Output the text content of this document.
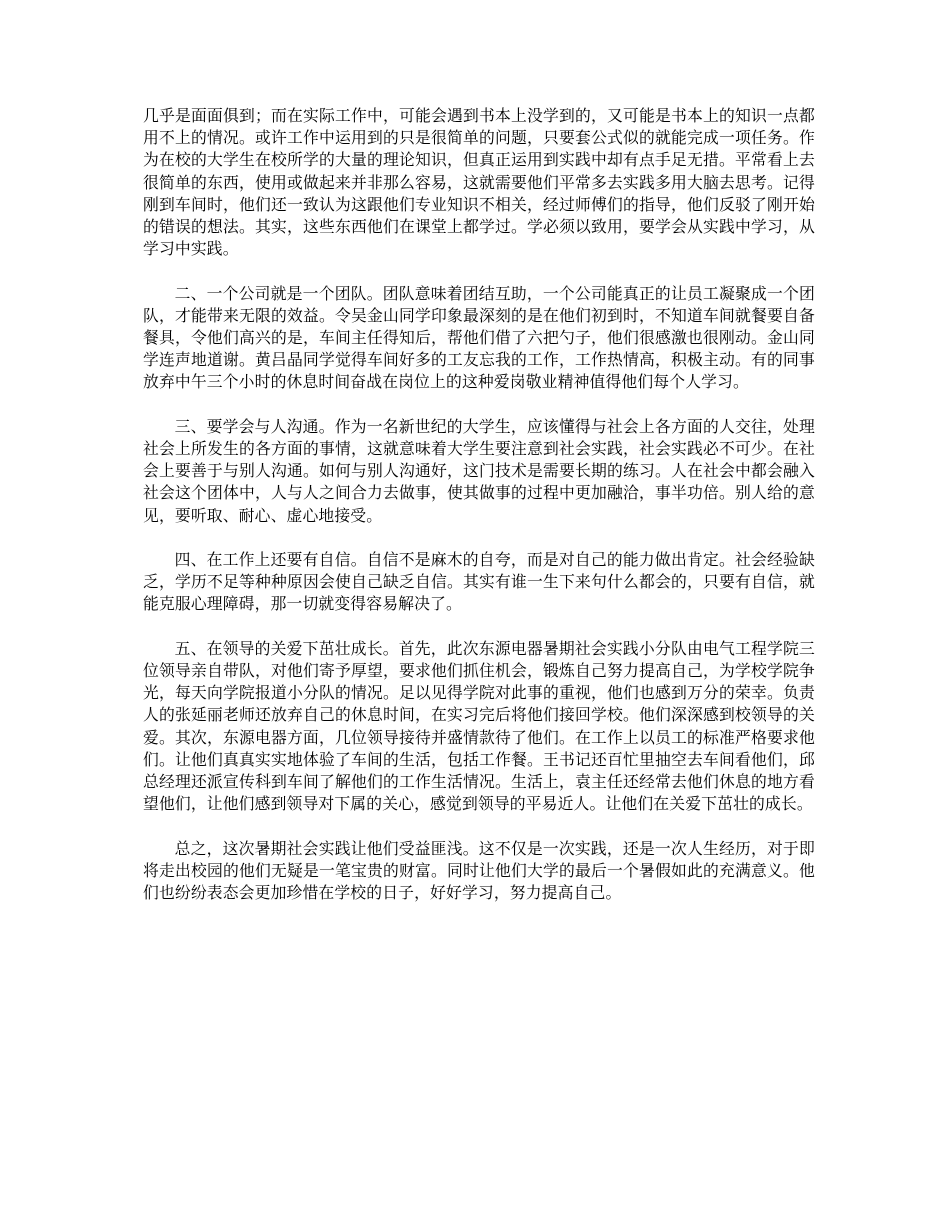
几乎是面面俱到；而在实际工作中，可能会遇到书本上没学到的，又可能是书本上的知识一点都用不上的情况。或许工作中运用到的只是很简单的问题，只要套公式似的就能完成一项任务。作为在校的大学生在校所学的大量的理论知识，但真正运用到实践中却有点手足无措。平常看上去很简单的东西，使用或做起来并非那么容易，这就需要他们平常多去实践多用大脑去思考。记得刚到车间时，他们还一致认为这跟他们专业知识不相关，经过师傅们的指导，他们反驳了刚开始的错误的想法。其实，这些东西他们在课堂上都学过。学必须以致用，要学会从实践中学习，从学习中实践。

二、一个公司就是一个团队。团队意味着团结互助，一个公司能真正的让员工凝聚成一个团队，才能带来无限的效益。令吴金山同学印象最深刻的是在他们初到时，不知道车间就餐要自备餐具，令他们高兴的是，车间主任得知后，帮他们借了六把勺子，他们很感激也很刚动。金山同学连声地道谢。黄吕晶同学觉得车间好多的工友忘我的工作，工作热情高，积极主动。有的同事放弃中午三个小时的休息时间奋战在岗位上的这种爱岗敬业精神值得他们每个人学习。

三、要学会与人沟通。作为一名新世纪的大学生，应该懂得与社会上各方面的人交往，处理社会上所发生的各方面的事情，这就意味着大学生要注意到社会实践，社会实践必不可少。在社会上要善于与别人沟通。如何与别人沟通好，这门技术是需要长期的练习。人在社会中都会融入社会这个团体中，人与人之间合力去做事，使其做事的过程中更加融洽，事半功倍。别人给的意见，要听取、耐心、虚心地接受。

四、在工作上还要有自信。自信不是麻木的自夸，而是对自己的能力做出肯定。社会经验缺乏，学历不足等种种原因会使自己缺乏自信。其实有谁一生下来句什么都会的，只要有自信，就能克服心理障碍，那一切就变得容易解决了。

五、在领导的关爱下茁壮成长。首先，此次东源电器暑期社会实践小分队由电气工程学院三位领导亲自带队，对他们寄予厚望，要求他们抓住机会，锻炼自己努力提高自己，为学校学院争光，每天向学院报道小分队的情况。足以见得学院对此事的重视，他们也感到万分的荣幸。负责人的张延丽老师还放弃自己的休息时间，在实习完后将他们接回学校。他们深深感到校领导的关爱。其次，东源电器方面，几位领导接待并盛情款待了他们。在工作上以员工的标准严格要求他们。让他们真真实实地体验了车间的生活，包括工作餐。王书记还百忙里抽空去车间看他们，邱总经理还派宣传科到车间了解他们的工作生活情况。生活上，袁主任还经常去他们休息的地方看望他们，让他们感到领导对下属的关心，感觉到领导的平易近人。让他们在关爱下茁壮的成长。

总之，这次暑期社会实践让他们受益匪浅。这不仅是一次实践，还是一次人生经历，对于即将走出校园的他们无疑是一笔宝贵的财富。同时让他们大学的最后一个暑假如此的充满意义。他们也纷纷表态会更加珍惜在学校的日子，好好学习，努力提高自己。
